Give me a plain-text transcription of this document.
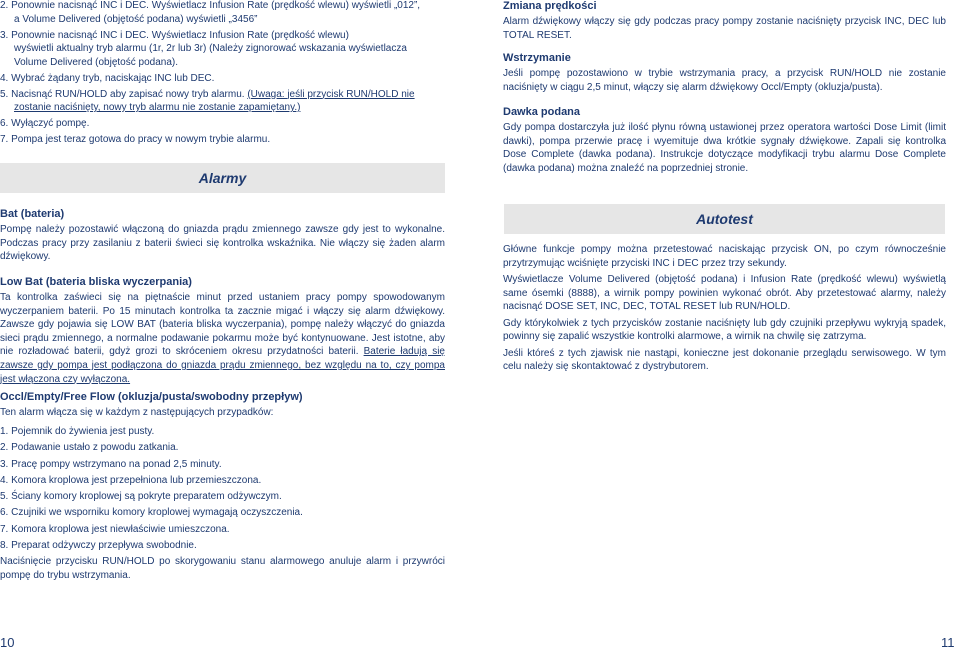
2. Ponownie nacisnąć INC i DEC. Wyświetlacz Infusion Rate (prędkość wlewu) wyświetli „012”,
a Volume Delivered (objętość podana) wyświetli „3456”
3. Ponownie nacisnąć INC i DEC. Wyświetlacz Infusion Rate (prędkość wlewu)
wyświetli aktualny tryb alarmu (1r, 2r lub 3r) (Należy zignorować wskazania wyświetlacza
Volume Delivered (objętość podana).
4. Wybrać żądany tryb, naciskając INC lub DEC.
5. Nacisnąć RUN/HOLD aby zapisać nowy tryb alarmu. (Uwaga: jeśli przycisk RUN/HOLD nie
zostanie naciśnięty, nowy tryb alarmu nie zostanie zapamiętany.)
6. Wyłączyć pompę.
7. Pompa jest teraz gotowa do pracy w nowym trybie alarmu.
Alarmy
Bat (bateria)

Pompę należy pozostawić włączoną do gniazda prądu zmiennego zawsze gdy jest to wykonalne. Podczas pracy przy zasilaniu z baterii świeci się kontrolka wskaźnika. Nie włączy się żaden alarm dźwiękowy.

Low Bat (bateria bliska wyczerpania)

Ta kontrolka zaświeci się na piętnaście minut przed ustaniem pracy pompy spowodowanym wyczerpaniem baterii. Po 15 minutach kontrolka ta zacznie migać i włączy się alarm dźwiękowy. Zawsze gdy pojawia się LOW BAT (bateria bliska wyczerpania), pompę należy włączyć do gniazda sieci prądu zmiennego, a normalne podawanie pokarmu może być kontynuowane. Jest istotne, aby nie rozładować baterii, gdyż grozi to skróceniem okresu przydatności baterii. Baterie ładują się zawsze gdy pompa jest podłączona do gniazda prądu zmiennego, bez względu na to, czy pompa jest włączona czy wyłączona.

Occl/Empty/Free Flow (okluzja/pusta/swobodny przepływ)

Ten alarm włącza się w każdym z następujących przypadków:

1. Pojemnik do żywienia jest pusty.
2. Podawanie ustało z powodu zatkania.
3. Pracę pompy wstrzymano na ponad 2,5 minuty.
4. Komora kroplowa jest przepełniona lub przemieszczona.
5. Ściany komory kroplowej są pokryte preparatem odżywczym.
6. Czujniki we wsporniku komory kroplowej wymagają oczyszczenia.
7. Komora kroplowa jest niewłaściwie umieszczona.
8. Preparat odżywczy przepływa swobodnie.

Naciśnięcie przycisku RUN/HOLD po skorygowaniu stanu alarmowego anuluje alarm i przywróci pompę do trybu wstrzymania.

Zmiana prędkości

Alarm dźwiękowy włączy się gdy podczas pracy pompy zostanie naciśnięty przycisk INC, DEC lub TOTAL RESET.

Wstrzymanie

Jeśli pompę pozostawiono w trybie wstrzymania pracy, a przycisk RUN/HOLD nie zostanie naciśnięty w ciągu 2,5 minut, włączy się alarm dźwiękowy Occl/Empty (okluzja/pusta).

Dawka podana

Gdy pompa dostarczyła już ilość płynu równą ustawionej przez operatora wartości Dose Limit (limit dawki), pompa przerwie pracę i wyemituje dwa krótkie sygnały dźwiękowe. Zapali się kontrolka Dose Complete (dawka podana). Instrukcje dotyczące modyfikacji trybu alarmu Dose Complete (dawka podana) można znaleźć na poprzedniej stronie.

Autotest

Główne funkcje pompy można przetestować naciskając przycisk ON, po czym równocześnie przytrzymując wciśnięte przyciski INC i DEC przez trzy sekundy.

Wyświetlacze Volume Delivered (objętość podana) i Infusion Rate (prędkość wlewu) wyświetlą same ósemki (8888), a wirnik pompy powinien wykonać obrót. Aby przetestować alarmy, należy nacisnąć DOSE SET, INC, DEC, TOTAL RESET lub RUN/HOLD.

Gdy którykolwiek z tych przycisków zostanie naciśnięty lub gdy czujniki przepływu wykryją spadek, powinny się zapalić wszystkie kontrolki alarmowe, a wirnik na chwilę się zatrzyma.

Jeśli któreś z tych zjawisk nie nastąpi, konieczne jest dokonanie przeglądu serwisowego. W tym celu należy się skontaktować z dystrybutorem.

10	11
